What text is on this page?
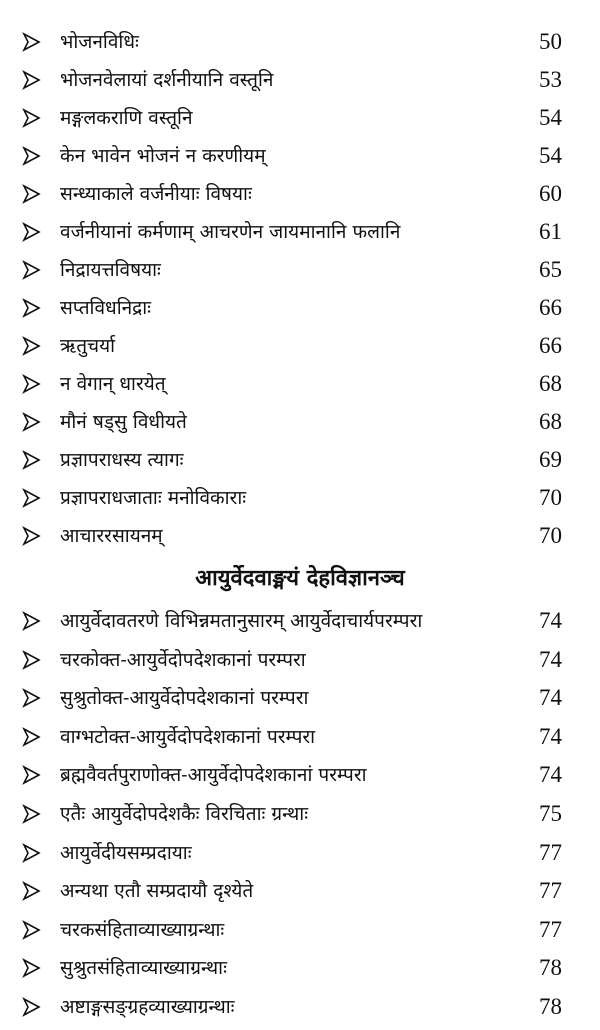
भोजनविधिः	50
भोजनवेलायां दर्शनीयानि वस्तूनि	53
मङ्गलकराणि वस्तूनि	54
केन भावेन भोजनं न करणीयम्	54
सन्ध्याकाले वर्जनीयाः विषयाः	60
वर्जनीयानां कर्मणाम् आचरणेन जायमानानि फलानि	61
निद्रायत्तविषयाः	65
सप्तविधनिद्राः	66
ऋतुचर्या	66
न वेगान् धारयेत्	68
मौनं षड्सु विधीयते	68
प्रज्ञापराधस्य त्यागः	69
प्रज्ञापराधजाताः मनोविकाराः	70
आचाररसायनम्	70
आयुर्वेदवाङ्मयं देहविज्ञानञ्च
आयुर्वेदावतरणे विभिन्नमतानुसारम् आयुर्वेदाचार्यपरम्परा	74
चरकोक्त-आयुर्वेदोपदेशकानां परम्परा	74
सुश्रुतोक्त-आयुर्वेदोपदेशकानां परम्परा	74
वाग्भटोक्त-आयुर्वेदोपदेशकानां परम्परा	74
ब्रह्मवैवर्तपुराणोक्त-आयुर्वेदोपदेशकानां परम्परा	74
एतैः आयुर्वेदोपदेशकैः विरचिताः ग्रन्थाः	75
आयुर्वेदीयसम्प्रदायाः	77
अन्यथा एतौ सम्प्रदायौ दृश्येते	77
चरकसंहिताव्याख्याग्रन्थाः	77
सुश्रुतसंहिताव्याख्याग्रन्थाः	78
अष्टाङ्गसङ्ग्रहव्याख्याग्रन्थाः	78
